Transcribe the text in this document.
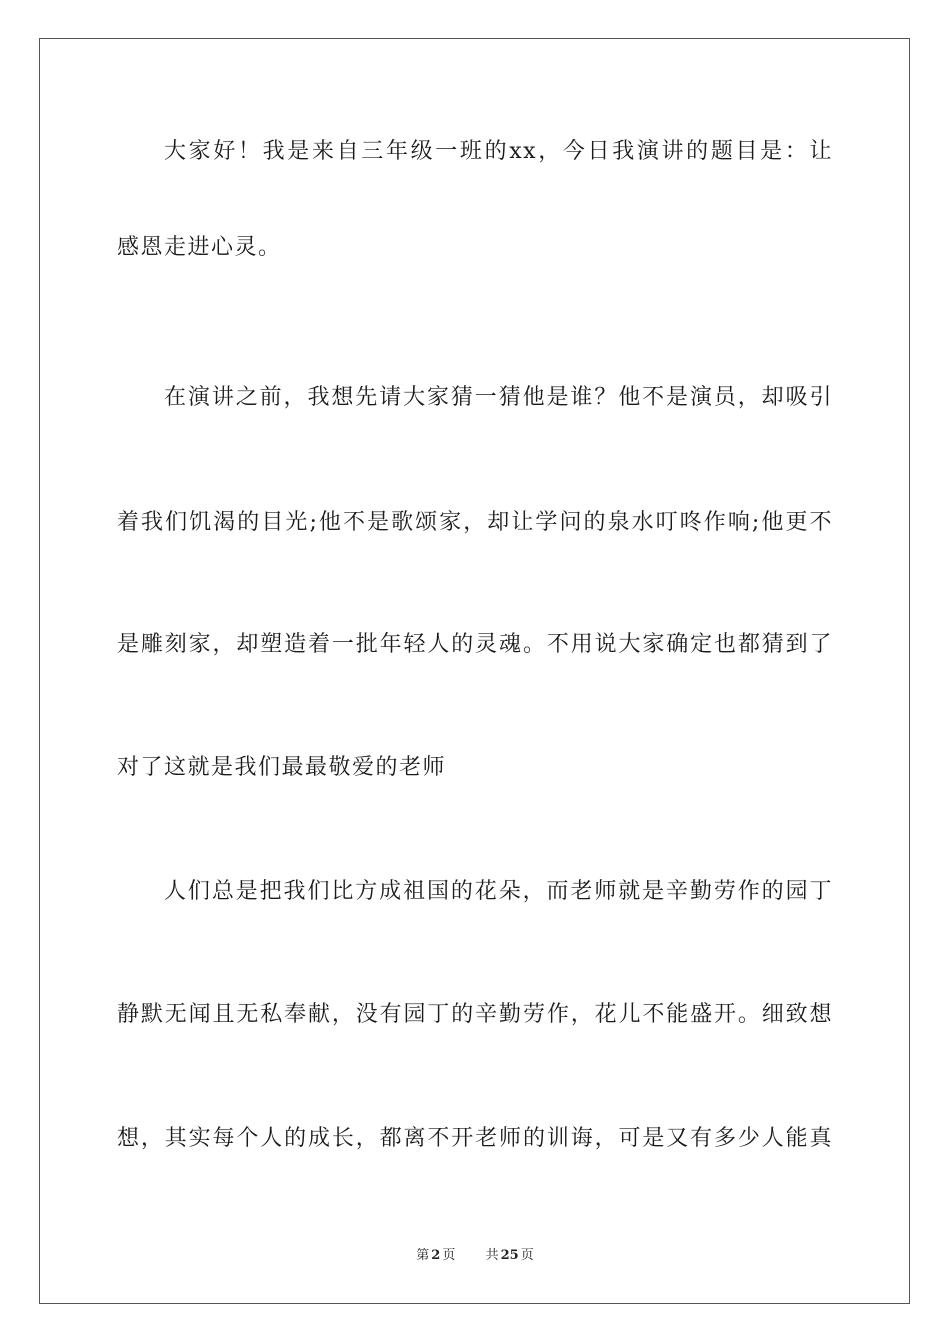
大家好！我是来自三年级一班的xx，今日我演讲的题目是：让
感恩走进心灵。
在演讲之前，我想先请大家猜一猜他是谁？他不是演员，却吸引
着我们饥渴的目光;他不是歌颂家，却让学问的泉水叮咚作响;他更不
是雕刻家，却塑造着一批年轻人的灵魂。不用说大家确定也都猜到了
对了这就是我们最最敬爱的老师
人们总是把我们比方成祖国的花朵，而老师就是辛勤劳作的园丁
静默无闻且无私奉献，没有园丁的辛勤劳作，花儿不能盛开。细致想
想，其实每个人的成长，都离不开老师的训诲，可是又有多少人能真
第 2 页 共 25 页
